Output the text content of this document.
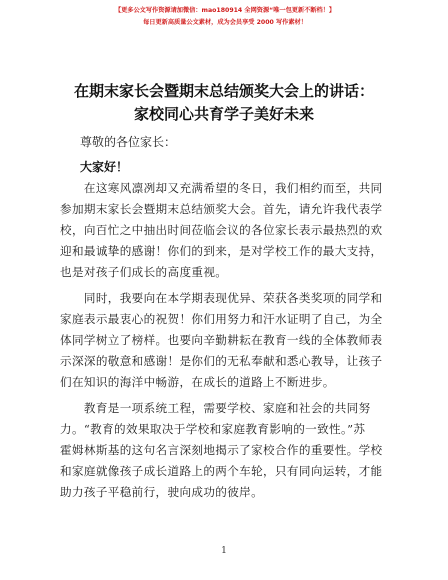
【更多公文写作资源请加微信：mao180914 全网资源“唯一包更新不断档！】
每日更新高质量公文素材，成为会员享受 2000 写作素材！
在期末家长会暨期末总结颁奖大会上的讲话：
家校同心共育学子美好未来
尊敬的各位家长：
大家好！
　　在这寒风凛冽却又充满希望的冬日，我们相约而至，共同
参加期末家长会暨期末总结颁奖大会。首先，请允许我代表学
校，向百忙之中抽出时间莅临会议的各位家长表示最热烈的欢
迎和最诚挚的感谢！你们的到来，是对学校工作的最大支持，
也是对孩子们成长的高度重视。
　　同时，我要向在本学期表现优异、荣获各类奖项的同学和
家庭表示最衷心的祝贺！你们用努力和汗水证明了自己，为全
体同学树立了榜样。也要向辛勤耕耘在教育一线的全体教师表
示深深的敬意和感谢！是你们的无私奉献和悉心教导，让孩子
们在知识的海洋中畅游，在成长的道路上不断进步。
　　教育是一项系统工程，需要学校、家庭和社会的共同努
力。“教育的效果取决于学校和家庭教育影响的一致性。”苏
霍姆林斯基的这句名言深刻地揭示了家校合作的重要性。学校
和家庭就像孩子成长道路上的两个车轮，只有同向运转，才能
助力孩子平稳前行，驶向成功的彼岸。
1
